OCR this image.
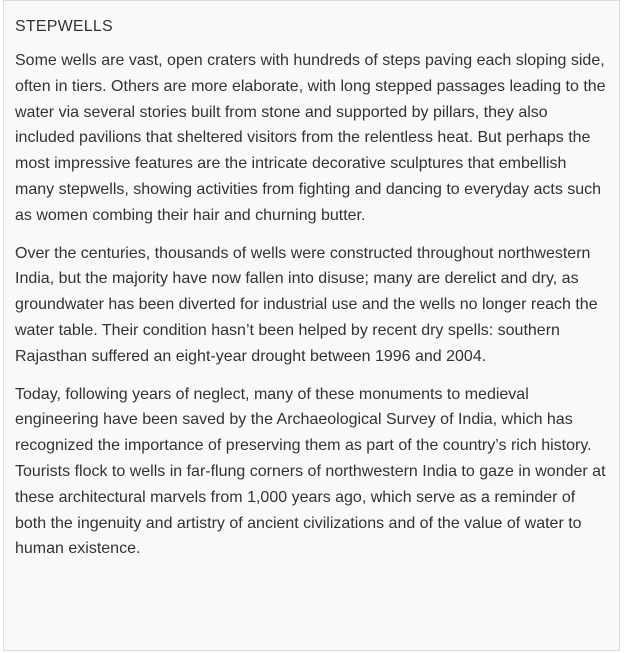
STEPWELLS

Some wells are vast, open craters with hundreds of steps paving each sloping side, often in tiers. Others are more elaborate, with long stepped passages leading to the water via several stories built from stone and supported by pillars, they also included pavilions that sheltered visitors from the relentless heat. But perhaps the most impressive features are the intricate decorative sculptures that embellish many stepwells, showing activities from fighting and dancing to everyday acts such as women combing their hair and churning butter.

Over the centuries, thousands of wells were constructed throughout northwestern India, but the majority have now fallen into disuse; many are derelict and dry, as groundwater has been diverted for industrial use and the wells no longer reach the water table. Their condition hasn’t been helped by recent dry spells: southern Rajasthan suffered an eight-year drought between 1996 and 2004.

Today, following years of neglect, many of these monuments to medieval engineering have been saved by the Archaeological Survey of India, which has recognized the importance of preserving them as part of the country’s rich history. Tourists flock to wells in far-flung corners of northwestern India to gaze in wonder at these architectural marvels from 1,000 years ago, which serve as a reminder of both the ingenuity and artistry of ancient civilizations and of the value of water to human existence.
